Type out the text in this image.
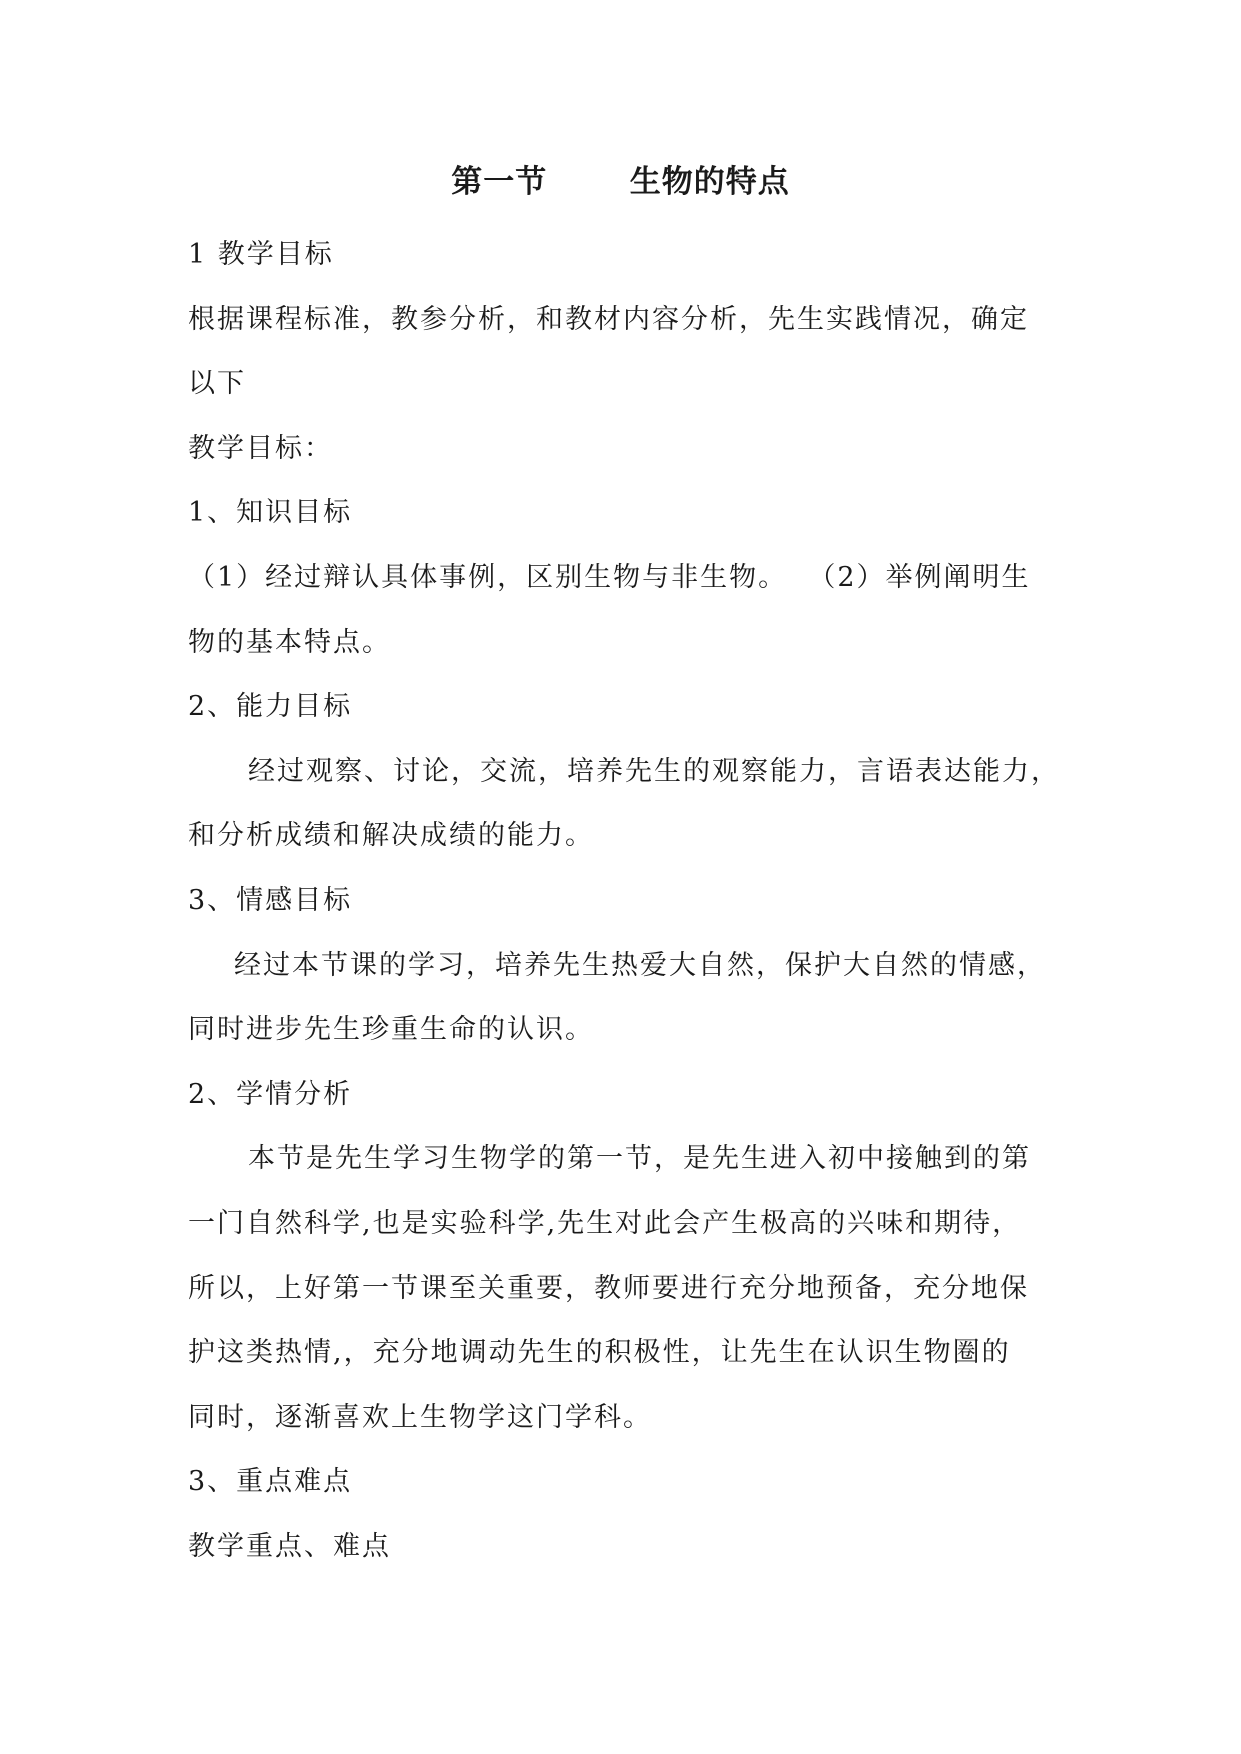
第一节       生物的特点
1 教学目标
根据课程标准，教参分析，和教材内容分析，先生实践情况，确定
以下
教学目标：
1、知识目标
（1）经过辩认具体事例，区别生物与非生物。  （2）举例阐明生
物的基本特点。
2、能力目标
经过观察、讨论，交流，培养先生的观察能力，言语表达能力，
和分析成绩和解决成绩的能力。
3、情感目标
经过本节课的学习，培养先生热爱大自然，保护大自然的情感，
同时进步先生珍重生命的认识。
2、学情分析
本节是先生学习生物学的第一节，是先生进入初中接触到的第
一门自然科学,也是实验科学,先生对此会产生极高的兴味和期待，
所以，上好第一节课至关重要，教师要进行充分地预备，充分地保
护这类热情,，充分地调动先生的积极性，让先生在认识生物圈的
同时，逐渐喜欢上生物学这门学科。
3、重点难点
教学重点、难点
